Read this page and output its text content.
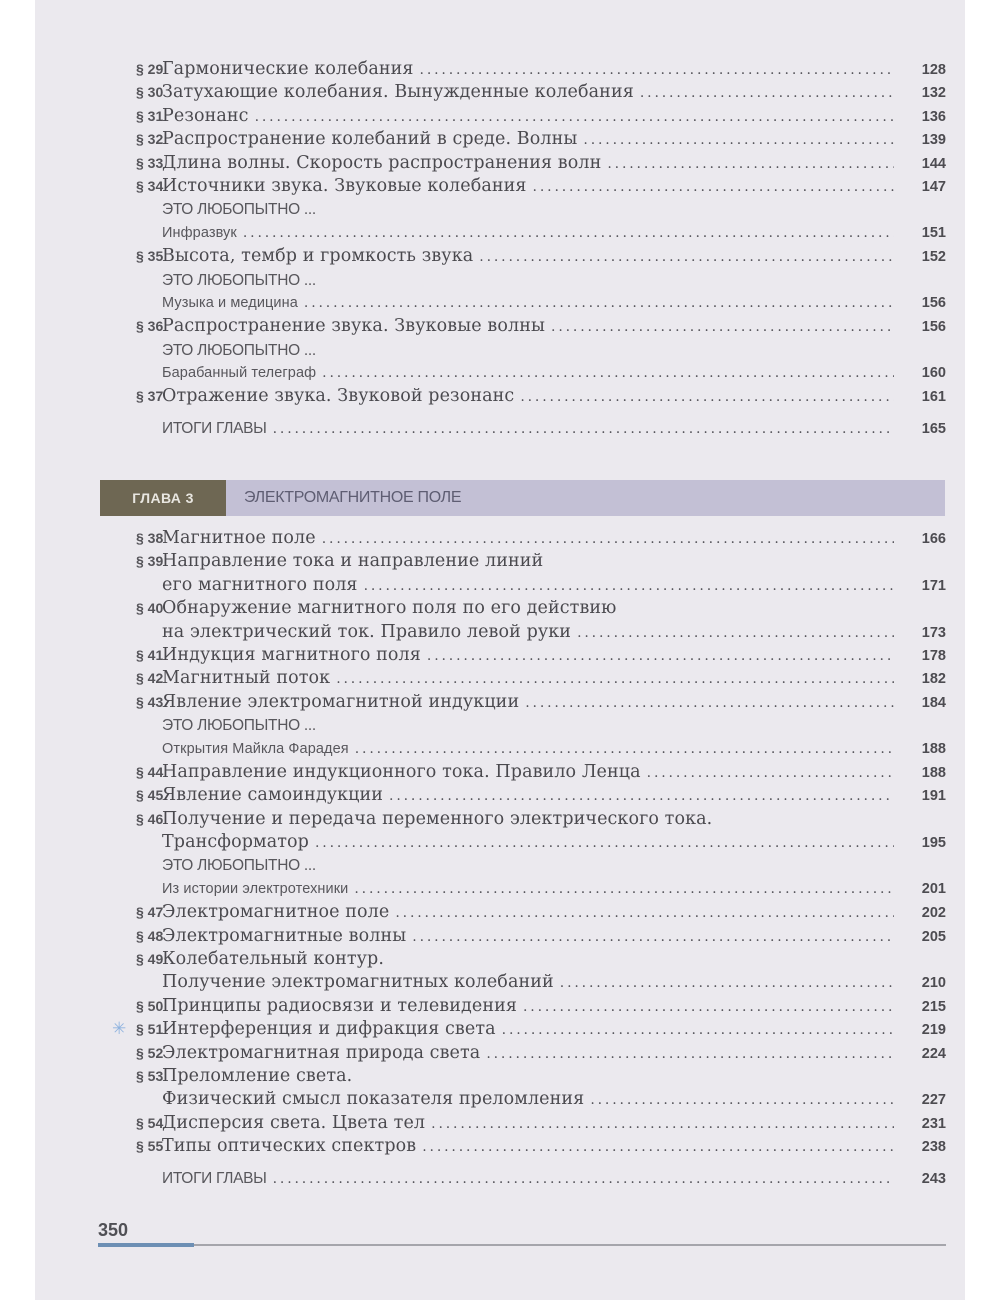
§ 29
Гармонические колебания . . .	128
§ 30
Затухающие колебания. Вынужденные колебания . . .	132
§ 31
Резонанс . . .	136
§ 32
Распространение колебаний в среде. Волны . . .	139
§ 33
Длина волны. Скорость распространения волн . . .	144
§ 34
Источники звука. Звуковые колебания . . .	147
ЭТО ЛЮБОПЫТНО ...
Инфразвук . . .	151
§ 35
Высота, тембр и громкость звука . . .	152
ЭТО ЛЮБОПЫТНО ...
Музыка и медицина . . .	156
§ 36
Распространение звука. Звуковые волны . . .	156
ЭТО ЛЮБОПЫТНО ...
Барабанный телеграф . . .	160
§ 37
Отражение звука. Звуковой резонанс . . .	161
ИТОГИ ГЛАВЫ . . .	165
ГЛАВА 3	ЭЛЕКТРОМАГНИТНОЕ ПОЛЕ
§ 38
Магнитное поле . . .	166
§ 39
Направление тока и направление линий
его магнитного поля . . .	171
§ 40
Обнаружение магнитного поля по его действию
на электрический ток. Правило левой руки . . .	173
§ 41
Индукция магнитного поля . . .	178
§ 42
Магнитный поток . . .	182
§ 43
Явление электромагнитной индукции . . .	184
ЭТО ЛЮБОПЫТНО ...
Открытия Майкла Фарадея . . .	188
§ 44
Направление индукционного тока. Правило Ленца . . .	188
§ 45
Явление самоиндукции . . .	191
§ 46
Получение и передача переменного электрического тока.
Трансформатор . . .	195
ЭТО ЛЮБОПЫТНО ...
Из истории электротехники . . .	201
§ 47
Электромагнитное поле . . .	202
§ 48
Электромагнитные волны . . .	205
§ 49
Колебательный контур.
Получение электромагнитных колебаний . . .	210
§ 50
Принципы радиосвязи и телевидения . . .	215
✳ § 51
Интерференция и дифракция света . . .	219
§ 52
Электромагнитная природа света . . .	224
§ 53
Преломление света.
Физический смысл показателя преломления . . .	227
§ 54
Дисперсия света. Цвета тел . . .	231
§ 55
Типы оптических спектров . . .	238
ИТОГИ ГЛАВЫ . . .	243
350
